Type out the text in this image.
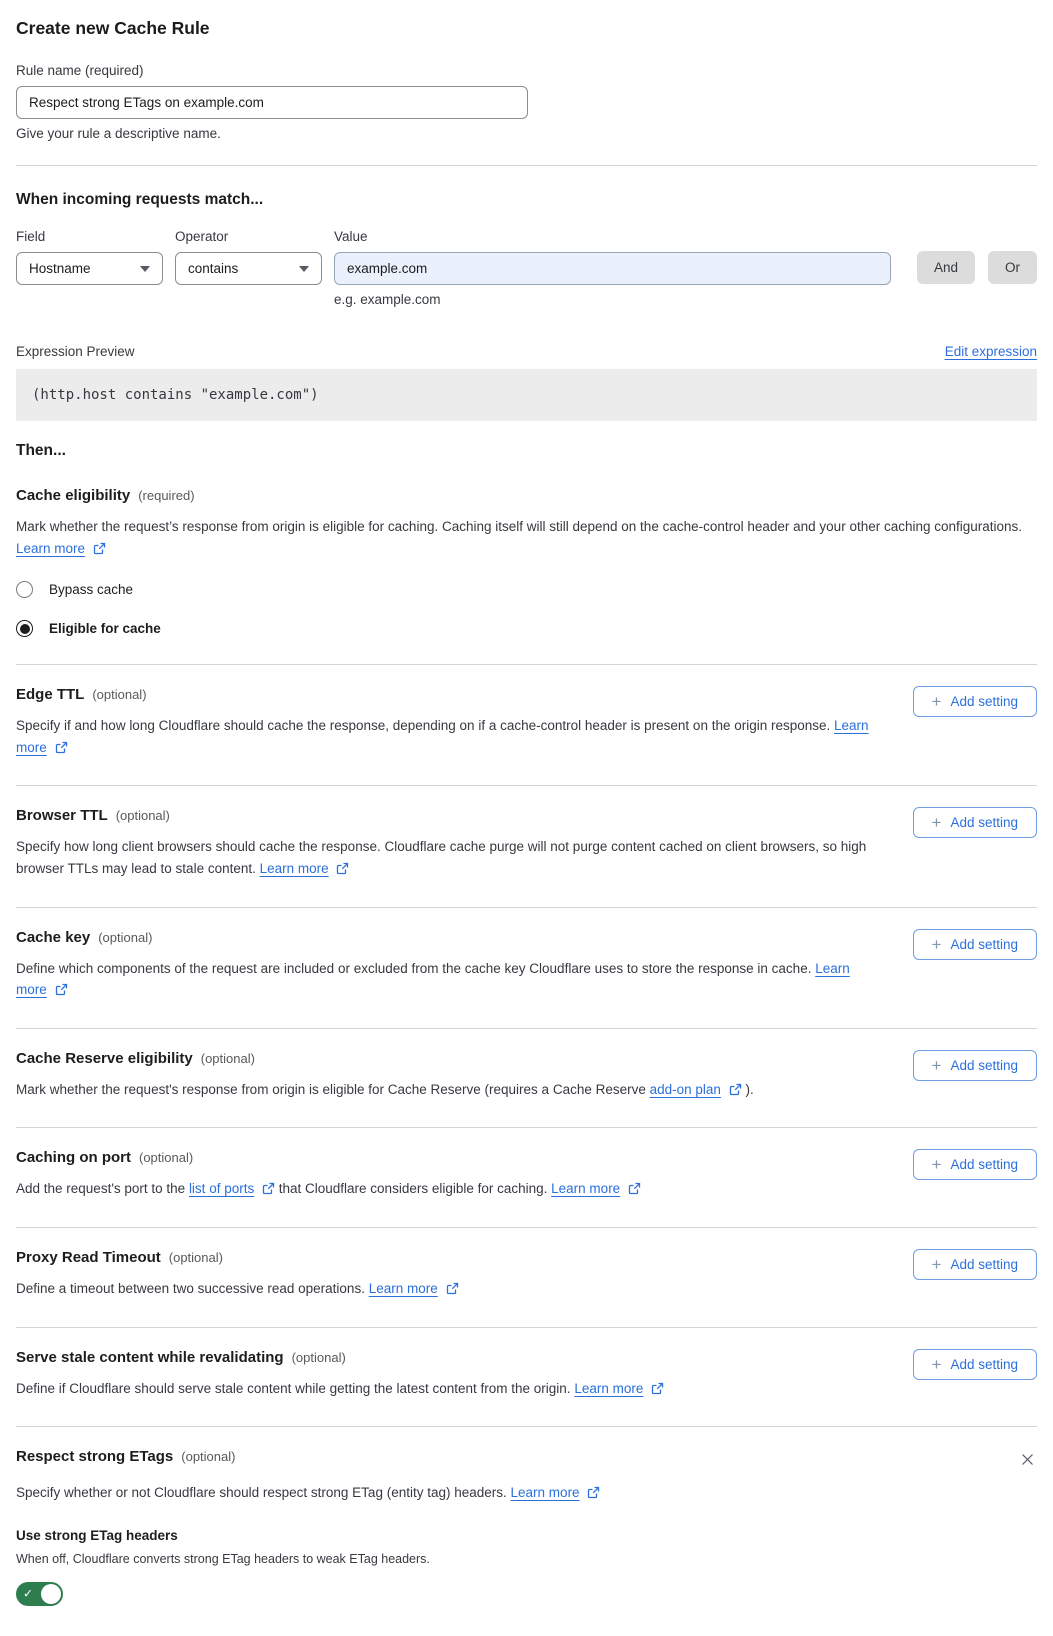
Create new Cache Rule
Rule name (required)
Respect strong ETags on example.com
Give your rule a descriptive name.
When incoming requests match...
Field
Hostname
Operator
contains
Value
example.com
e.g. example.com
And	Or
Expression Preview	Edit expression
(http.host contains "example.com")
Then...
Cache eligibility (required)

Mark whether the request’s response from origin is eligible for caching. Caching itself will still depend on the cache-control header and your other caching configurations. Learn more

Bypass cache
Eligible for cache
Edge TTL (optional)

Specify if and how long Cloudflare should cache the response, depending on if a cache-control header is present on the origin response. Learn more

+ Add setting
Browser TTL (optional)

Specify how long client browsers should cache the response. Cloudflare cache purge will not purge content cached on client browsers, so high browser TTLs may lead to stale content. Learn more

+ Add setting
Cache key (optional)

Define which components of the request are included or excluded from the cache key Cloudflare uses to store the response in cache. Learn more

+ Add setting
Cache Reserve eligibility (optional)

Mark whether the request's response from origin is eligible for Cache Reserve (requires a Cache Reserve add-on plan  ).

+ Add setting
Caching on port (optional)

Add the request's port to the list of ports  that Cloudflare considers eligible for caching. Learn more

+ Add setting
Proxy Read Timeout (optional)

Define a timeout between two successive read operations. Learn more

+ Add setting
Serve stale content while revalidating (optional)

Define if Cloudflare should serve stale content while getting the latest content from the origin. Learn more

+ Add setting
Respect strong ETags (optional)

Specify whether or not Cloudflare should respect strong ETag (entity tag) headers. Learn more

Use strong ETag headers
When off, Cloudflare converts strong ETag headers to weak ETag headers.
✓
